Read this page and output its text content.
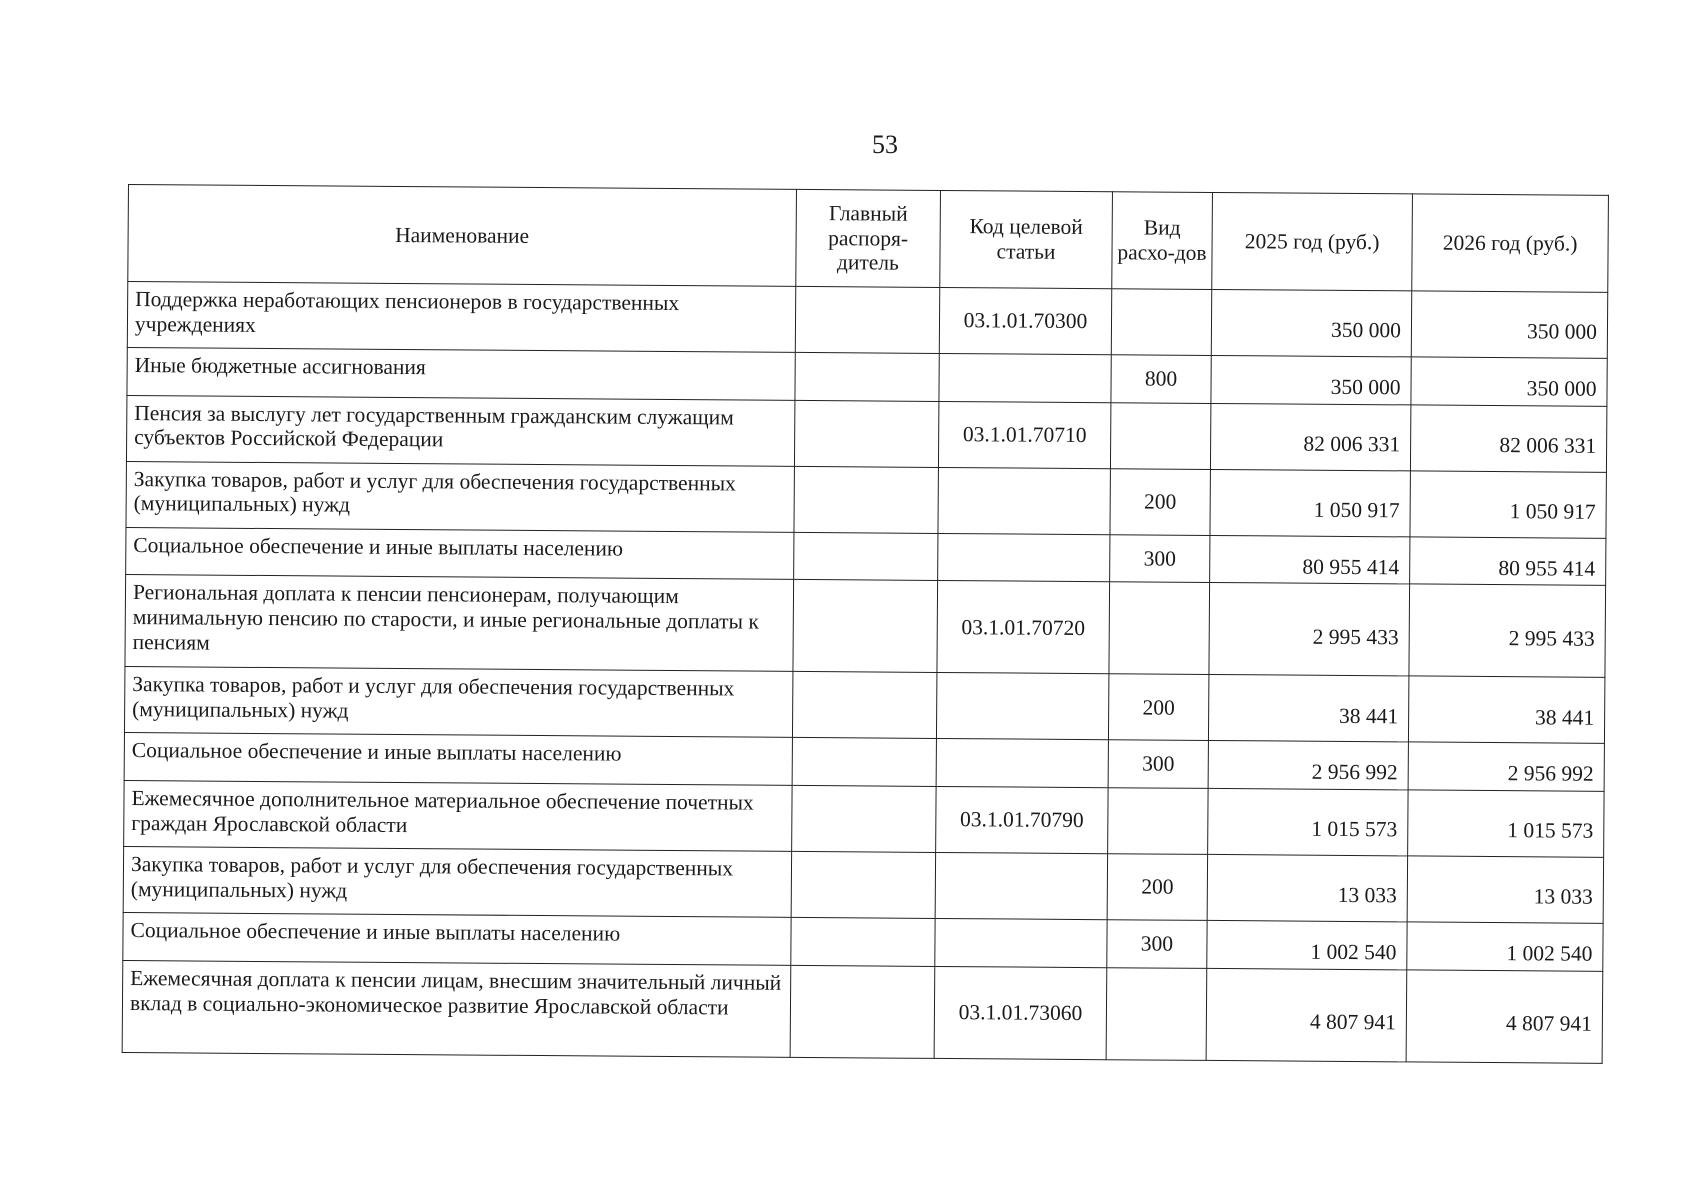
53
Наименование	Главный распоря-дитель	Код целевой статьи	Вид расхо-дов	2025 год (руб.)	2026 год (руб.)
Поддержка неработающих пенсионеров в государственных учреждениях		03.1.01.70300		350 000	350 000
Иные бюджетные ассигнования			800	350 000	350 000
Пенсия за выслугу лет государственным гражданским служащим субъектов Российской Федерации		03.1.01.70710		82 006 331	82 006 331
Закупка товаров, работ и услуг для обеспечения государственных (муниципальных) нужд			200	1 050 917	1 050 917
Социальное обеспечение и иные выплаты населению			300	80 955 414	80 955 414
Региональная доплата к пенсии пенсионерам, получающим минимальную пенсию по старости, и иные региональные доплаты к пенсиям		03.1.01.70720		2 995 433	2 995 433
Закупка товаров, работ и услуг для обеспечения государственных (муниципальных) нужд			200	38 441	38 441
Социальное обеспечение и иные выплаты населению			300	2 956 992	2 956 992
Ежемесячное дополнительное материальное обеспечение почетных граждан Ярославской области		03.1.01.70790		1 015 573	1 015 573
Закупка товаров, работ и услуг для обеспечения государственных (муниципальных) нужд			200	13 033	13 033
Социальное обеспечение и иные выплаты населению			300	1 002 540	1 002 540
Ежемесячная доплата к пенсии лицам, внесшим значительный личный вклад в социально-экономическое развитие Ярославской области		03.1.01.73060		4 807 941	4 807 941
